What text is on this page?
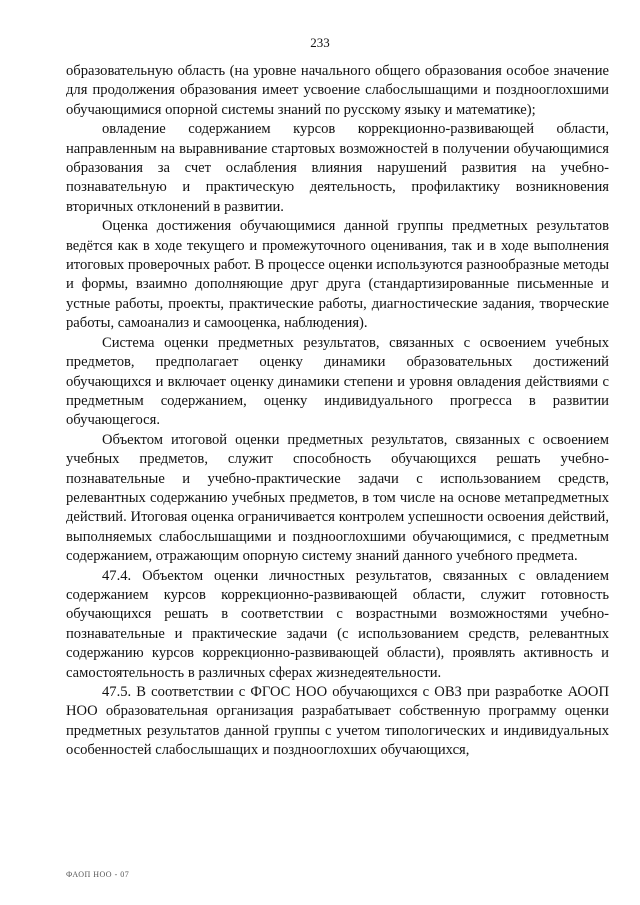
233

образовательную область (на уровне начального общего образования особое значение для продолжения образования имеет усвоение слабослышащими и позднооглохшими обучающимися опорной системы знаний по русскому языку и математике);

овладение содержанием курсов коррекционно-развивающей области, направленным на выравнивание стартовых возможностей в получении обучающимися образования за счет ослабления влияния нарушений развития на учебно-познавательную и практическую деятельность, профилактику возникновения вторичных отклонений в развитии.

Оценка достижения обучающимися данной группы предметных результатов ведётся как в ходе текущего и промежуточного оценивания, так и в ходе выполнения итоговых проверочных работ. В процессе оценки используются разнообразные методы и формы, взаимно дополняющие друг друга (стандартизированные письменные и устные работы, проекты, практические работы, диагностические задания, творческие работы, самоанализ и самооценка, наблюдения).

Система оценки предметных результатов, связанных с освоением учебных предметов, предполагает оценку динамики образовательных достижений обучающихся и включает оценку динамики степени и уровня овладения действиями с предметным содержанием, оценку индивидуального прогресса в развитии обучающегося.

Объектом итоговой оценки предметных результатов, связанных с освоением учебных предметов, служит способность обучающихся решать учебно-познавательные и учебно-практические задачи с использованием средств, релевантных содержанию учебных предметов, в том числе на основе метапредметных действий. Итоговая оценка ограничивается контролем успешности освоения действий, выполняемых слабослышащими и позднооглохшими обучающимися, с предметным содержанием, отражающим опорную систему знаний данного учебного предмета.

47.4. Объектом оценки личностных результатов, связанных с овладением содержанием курсов коррекционно-развивающей области, служит готовность обучающихся решать в соответствии с возрастными возможностями учебно-познавательные и практические задачи (с использованием средств, релевантных содержанию курсов коррекционно-развивающей области), проявлять активность и самостоятельность в различных сферах жизнедеятельности.

47.5. В соответствии с ФГОС НОО обучающихся с ОВЗ при разработке АООП НОО образовательная организация разрабатывает собственную программу оценки предметных результатов данной группы с учетом типологических и индивидуальных особенностей слабослышащих и позднооглохших обучающихся,

ФАОП НОО - 07
